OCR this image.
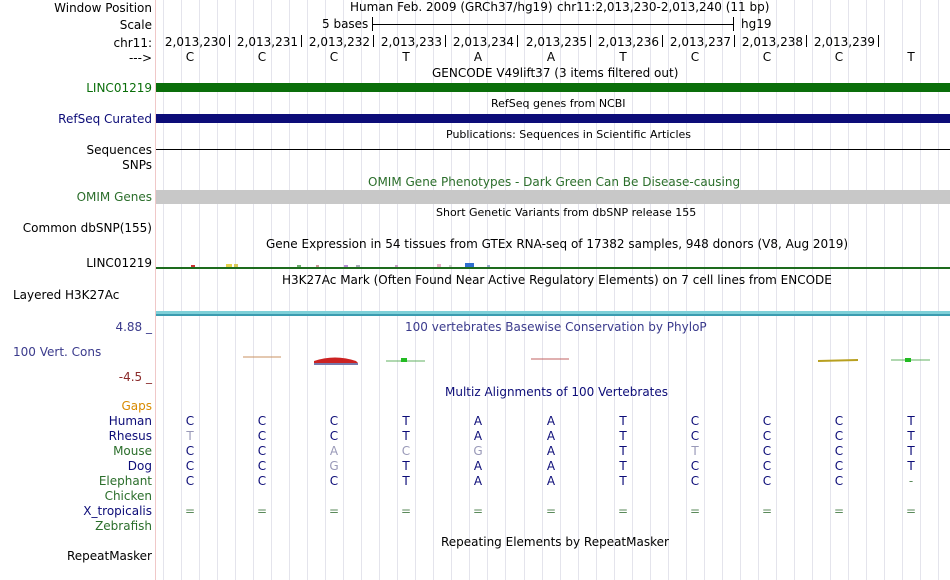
Window Position
Scale
chr11:
--->
Human Feb. 2009 (GRCh37/hg19) chr11:2,013,230-2,013,240 (11 bp)
5 bases	hg19
2,013,230 2,013,231 2,013,232 2,013,233 2,013,234 2,013,235 2,013,236 2,013,237 2,013,238 2,013,239
C	C	C	T	A	A	T	C	C	C	T
GENCODE V49lift37 (3 items filtered out)
LINC01219
RefSeq genes from NCBI
RefSeq Curated
Publications: Sequences in Scientific Articles
Sequences
SNPs
OMIM Gene Phenotypes - Dark Green Can Be Disease-causing
OMIM Genes
Short Genetic Variants from dbSNP release 155
Common dbSNP(155)
Gene Expression in 54 tissues from GTEx RNA-seq of 17382 samples, 948 donors (V8, Aug 2019)
LINC01219
H3K27Ac Mark (Often Found Near Active Regulatory Elements) on 7 cell lines from ENCODE
Layered H3K27Ac
4.88 _	100 vertebrates Basewise Conservation by PhyloP
100 Vert. Cons
-4.5 _
Multiz Alignments of 100 Vertebrates
Gaps
Human	C	C	C	T	A	A	T	C	C	C	T
Rhesus	T	C	C	T	A	A	T	C	C	C	T
Mouse	C	C	A	C	G	A	T	T	C	C	T
Dog	C	C	G	T	A	A	T	C	C	C	T
Elephant	C	C	C	T	A	A	T	C	C	C	-
Chicken
X_tropicalis	=	=	=	=	=	=	=	=	=	=	=
Zebrafish
Repeating Elements by RepeatMasker
RepeatMasker
